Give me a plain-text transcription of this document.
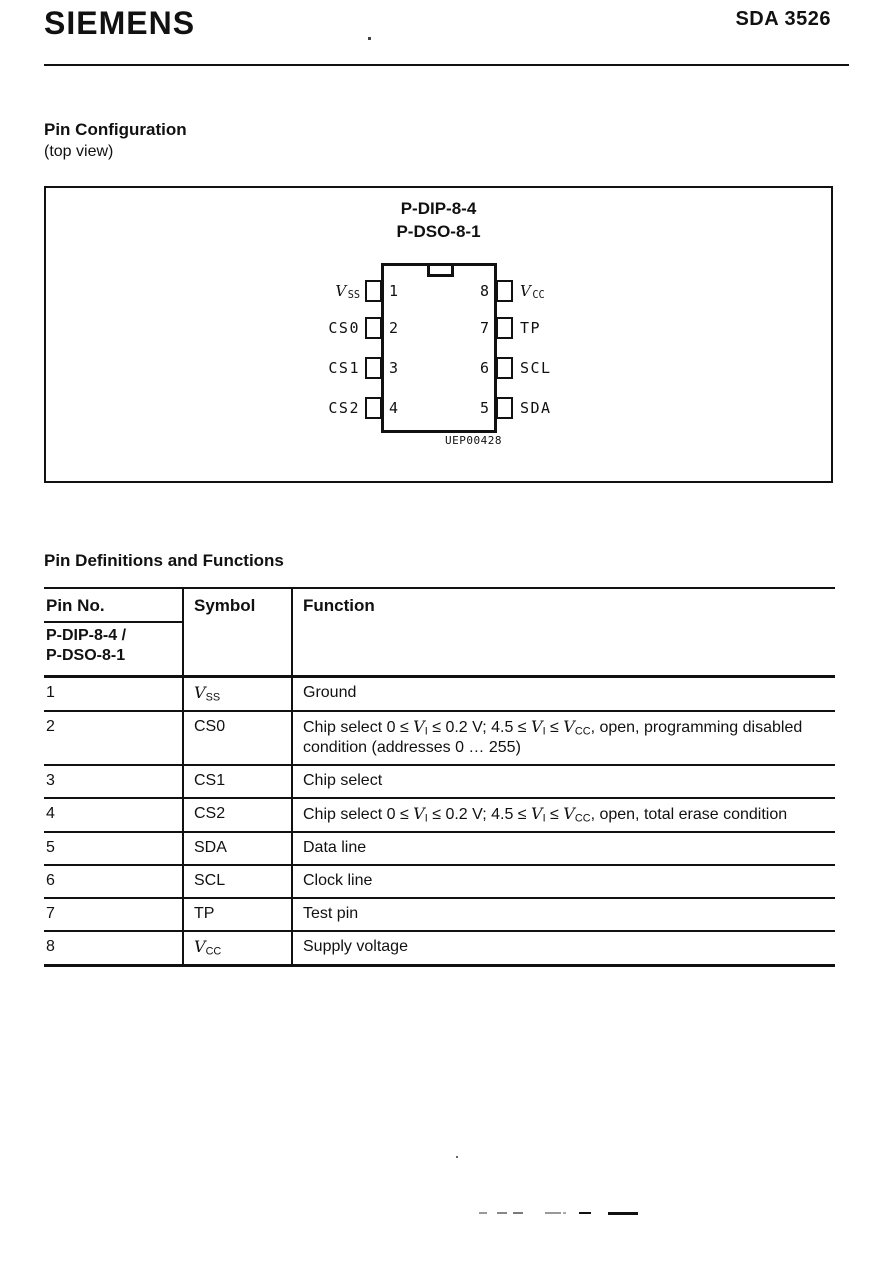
SIEMENS	SDA 3526
Pin Configuration
(top view)
P-DIP-8-4
P-DSO-8-1
$V_{SS}$ 1
CS0 2
CS1 3
CS2 4
8 $V_{CC}$
7 TP
6 SCL
5 SDA
UEP00428
Pin Definitions and Functions
Pin No.	Symbol	Function

P-DIP-8-4 /
P-DSO-8-1		

1	$V_{SS}$	Ground
2	CS0	Chip select $0 \le V_I \le 0.2$ V; $4.5 \le V_I \le V_{CC}$, open, programming disabled condition (addresses 0 … 255)
3	CS1	Chip select
4	CS2	Chip select $0 \le V_I \le 0.2$ V; $4.5 \le V_I \le V_{CC}$, open, total erase condition
5	SDA	Data line
6	SCL	Clock line
7	TP	Test pin
8	$V_{CC}$	Supply voltage
